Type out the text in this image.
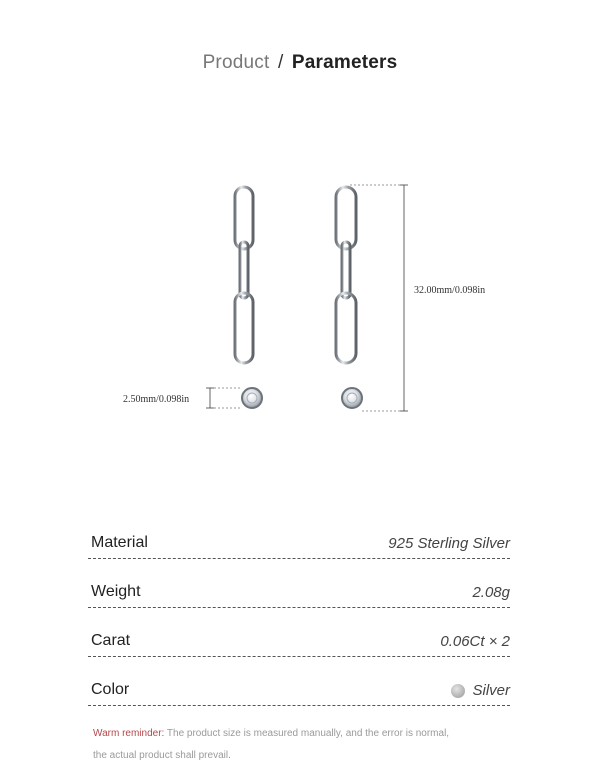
Product / Parameters
32.00mm/0.098in
2.50mm/0.098in
Material	925 Sterling Silver
Weight	2.08g
Carat	0.06Ct × 2
Color	Silver
Warm reminder: The product size is measured manually, and the error is normal,
the actual product shall prevail.
